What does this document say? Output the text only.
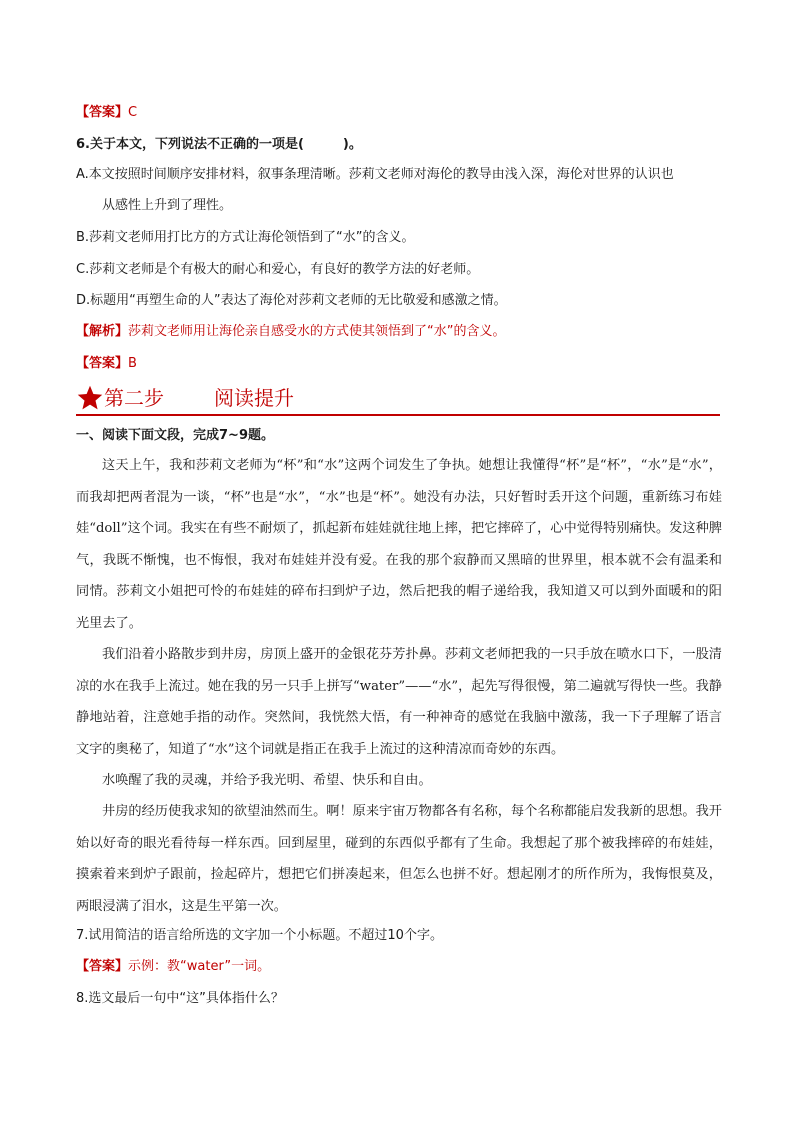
【答案】C
6.关于本文，下列说法不正确的一项是(　　　)。
A.本文按照时间顺序安排材料，叙事条理清晰。莎莉文老师对海伦的教导由浅入深，海伦对世界的认识也
从感性上升到了理性。
B.莎莉文老师用打比方的方式让海伦领悟到了“水”的含义。
C.莎莉文老师是个有极大的耐心和爱心，有良好的教学方法的好老师。
D.标题用“再塑生命的人”表达了海伦对莎莉文老师的无比敬爱和感激之情。
【解析】莎莉文老师用让海伦亲自感受水的方式使其领悟到了“水”的含义。
【答案】B
第二步	阅读提升
一、阅读下面文段，完成7~9题。
这天上午，我和莎莉文老师为“杯”和“水”这两个词发生了争执。她想让我懂得“杯”是“杯”，“水”是“水”，而我却把两者混为一谈，“杯”也是“水”，“水”也是“杯”。她没有办法，只好暂时丢开这个问题，重新练习布娃娃“doll”这个词。我实在有些不耐烦了，抓起新布娃娃就往地上摔，把它摔碎了，心中觉得特别痛快。发这种脾气，我既不惭愧，也不悔恨，我对布娃娃并没有爱。在我的那个寂静而又黑暗的世界里，根本就不会有温柔和同情。莎莉文小姐把可怜的布娃娃的碎布扫到炉子边，然后把我的帽子递给我，我知道又可以到外面暖和的阳光里去了。
我们沿着小路散步到井房，房顶上盛开的金银花芬芳扑鼻。莎莉文老师把我的一只手放在喷水口下，一股清凉的水在我手上流过。她在我的另一只手上拼写“water”——“水”，起先写得很慢，第二遍就写得快一些。我静静地站着，注意她手指的动作。突然间，我恍然大悟，有一种神奇的感觉在我脑中激荡，我一下子理解了语言文字的奥秘了，知道了“水”这个词就是指正在我手上流过的这种清凉而奇妙的东西。
水唤醒了我的灵魂，并给予我光明、希望、快乐和自由。
井房的经历使我求知的欲望油然而生。啊！原来宇宙万物都各有名称，每个名称都能启发我新的思想。我开始以好奇的眼光看待每一样东西。回到屋里，碰到的东西似乎都有了生命。我想起了那个被我摔碎的布娃娃，摸索着来到炉子跟前，捡起碎片，想把它们拼凑起来，但怎么也拼不好。想起刚才的所作所为，我悔恨莫及，两眼浸满了泪水，这是生平第一次。
7.试用简洁的语言给所选的文字加一个小标题。不超过10个字。
【答案】示例：教“water”一词。
8.选文最后一句中“这”具体指什么？
